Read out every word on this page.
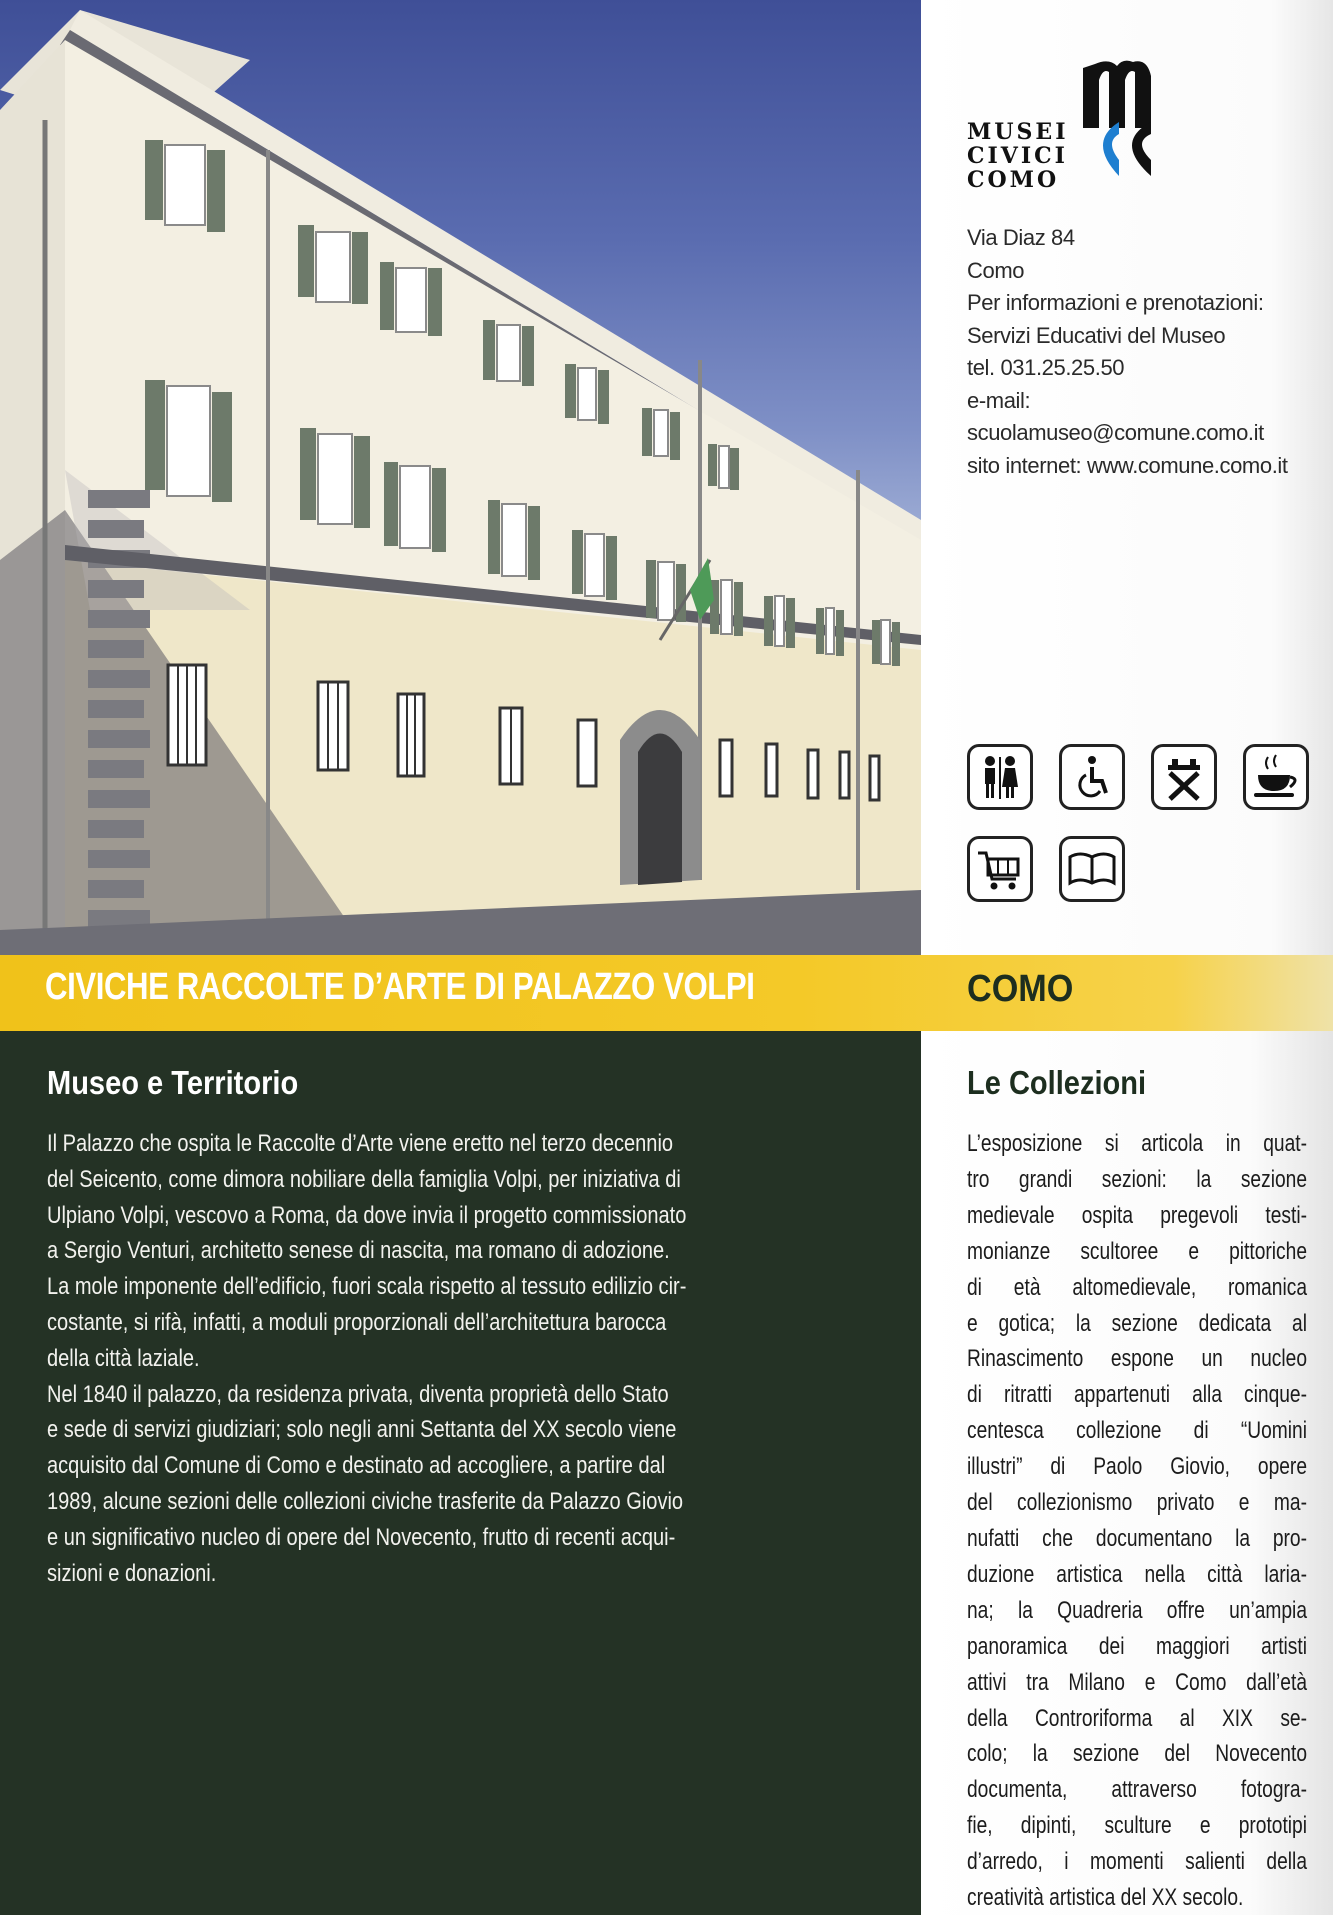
MUSEI
CIVICI
COMO
Via Diaz 84
Como
Per informazioni e prenotazioni:
Servizi Educativi del Museo
tel. 031.25.25.50
e-mail:
scuolamuseo@comune.como.it
sito internet: www.comune.como.it
CIVICHE RACCOLTE D’ARTE DI PALAZZO VOLPI	COMO
Museo e Territorio
Il Palazzo che ospita le Raccolte d’Arte viene eretto nel terzo decennio
del Seicento, come dimora nobiliare della famiglia Volpi, per iniziativa di
Ulpiano Volpi, vescovo a Roma, da dove invia il progetto commissionato
a Sergio Venturi, architetto senese di nascita, ma romano di adozione.
La mole imponente dell’edificio, fuori scala rispetto al tessuto edilizio cir-
costante, si rifà, infatti, a moduli proporzionali dell’architettura barocca
della città laziale.
Nel 1840 il palazzo, da residenza privata, diventa proprietà dello Stato
e sede di servizi giudiziari; solo negli anni Settanta del XX secolo viene
acquisito dal Comune di Como e destinato ad accogliere, a partire dal
1989, alcune sezioni delle collezioni civiche trasferite da Palazzo Giovio
e un significativo nucleo di opere del Novecento, frutto di recenti acqui-
sizioni e donazioni.
Le Collezioni
L’esposizione si articola in quat-
tro grandi sezioni: la sezione
medievale ospita pregevoli testi-
monianze scultoree e pittoriche
di età altomedievale, romanica
e gotica; la sezione dedicata al
Rinascimento espone un nucleo
di ritratti appartenuti alla cinque-
centesca collezione di “Uomini
illustri” di Paolo Giovio, opere
del collezionismo privato e ma-
nufatti che documentano la pro-
duzione artistica nella città laria-
na; la Quadreria offre un’ampia
panoramica dei maggiori artisti
attivi tra Milano e Como dall’età
della Controriforma al XIX se-
colo; la sezione del Novecento
documenta, attraverso fotogra-
fie, dipinti, sculture e prototipi
d’arredo, i momenti salienti della
creatività artistica del XX secolo.
